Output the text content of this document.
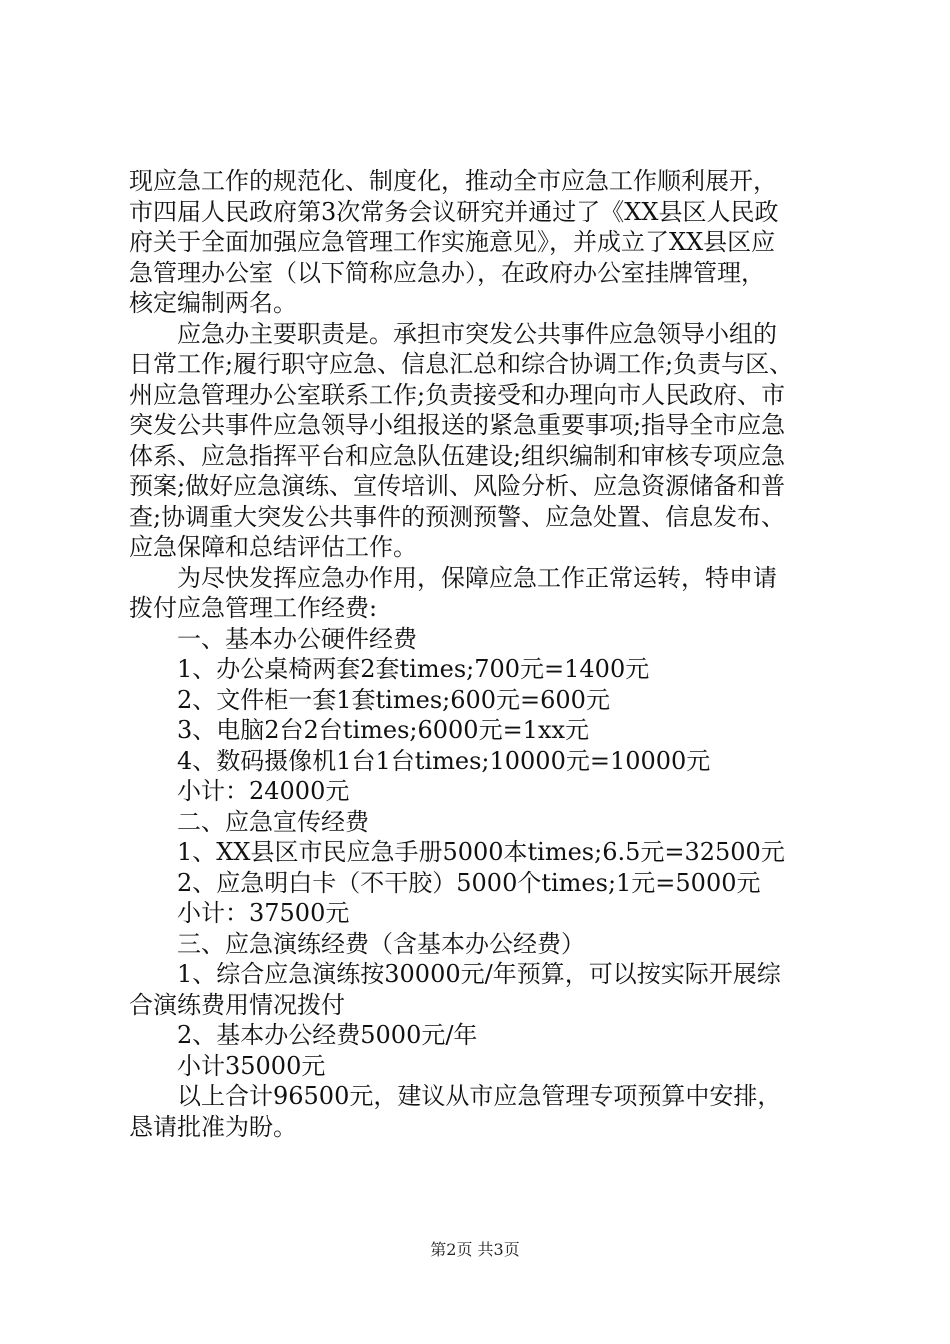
现应急工作的规范化、制度化，推动全市应急工作顺利展开，
市四届人民政府第3次常务会议研究并通过了《XX县区人民政
府关于全面加强应急管理工作实施意见》，并成立了XX县区应
急管理办公室（以下简称应急办），在政府办公室挂牌管理，
核定编制两名。
应急办主要职责是。承担市突发公共事件应急领导小组的
日常工作;履行职守应急、信息汇总和综合协调工作;负责与区、
州应急管理办公室联系工作;负责接受和办理向市人民政府、市
突发公共事件应急领导小组报送的紧急重要事项;指导全市应急
体系、应急指挥平台和应急队伍建设;组织编制和审核专项应急
预案;做好应急演练、宣传培训、风险分析、应急资源储备和普
查;协调重大突发公共事件的预测预警、应急处置、信息发布、
应急保障和总结评估工作。
为尽快发挥应急办作用，保障应急工作正常运转，特申请
拨付应急管理工作经费:
一、基本办公硬件经费
1、办公桌椅两套2套times;700元=1400元
2、文件柜一套1套times;600元=600元
3、电脑2台2台times;6000元=1xx元
4、数码摄像机1台1台times;10000元=10000元
小计：24000元
二、应急宣传经费
1、XX县区市民应急手册5000本times;6.5元=32500元
2、应急明白卡（不干胶）5000个times;1元=5000元
小计：37500元
三、应急演练经费（含基本办公经费）
1、综合应急演练按30000元/年预算，可以按实际开展综
合演练费用情况拨付
2、基本办公经费5000元/年
小计35000元
以上合计96500元，建议从市应急管理专项预算中安排，
恳请批准为盼。
第2页 共3页
